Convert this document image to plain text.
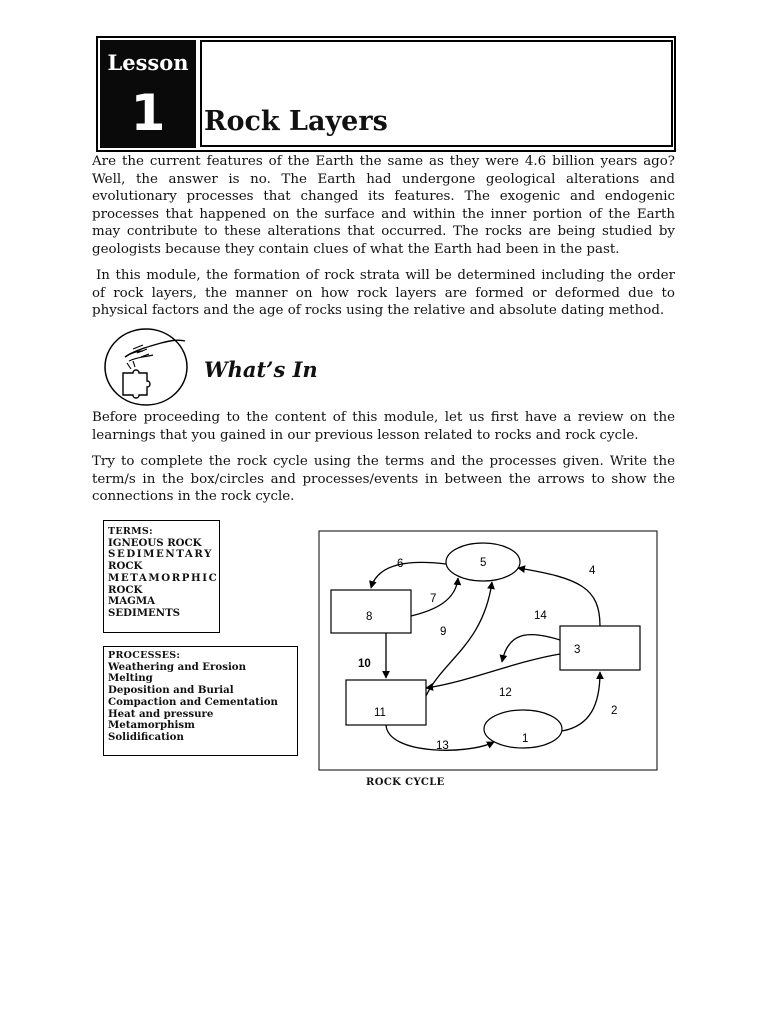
Lesson
1	Rock Layers

Are the current features of the Earth the same as they were 4.6 billion years ago? Well, the answer is no. The Earth had undergone geological alterations and evolutionary processes that changed its features. The exogenic and endogenic processes that happened on the surface and within the inner portion of the Earth may contribute to these alterations that occurred. The rocks are being studied by geologists because they contain clues of what the Earth had been in the past.

In this module, the formation of rock strata will be determined including the order of rock layers, the manner on how rock layers are formed or deformed due to physical factors and the age of rocks using the relative and absolute dating method.

What’s In

Before proceeding to the content of this module, let us first have a review on the learnings that you gained in our previous lesson related to rocks and rock cycle.

Try to complete the rock cycle using the terms and the processes given. Write the term/s in the box/circles and processes/events in between the arrows to show the connections in the rock cycle.

TERMS:
IGNEOUS ROCK
SEDIMENTARY
ROCK
METAMORPHIC
ROCK
MAGMA
SEDIMENTS
PROCESSES:
Weathering and Erosion
Melting
Deposition and Burial
Compaction and Cementation
Heat and pressure
Metamorphism
Solidification
5
8
3
11
1
6
7
9
10
4
14
12
2
13
ROCK CYCLE
